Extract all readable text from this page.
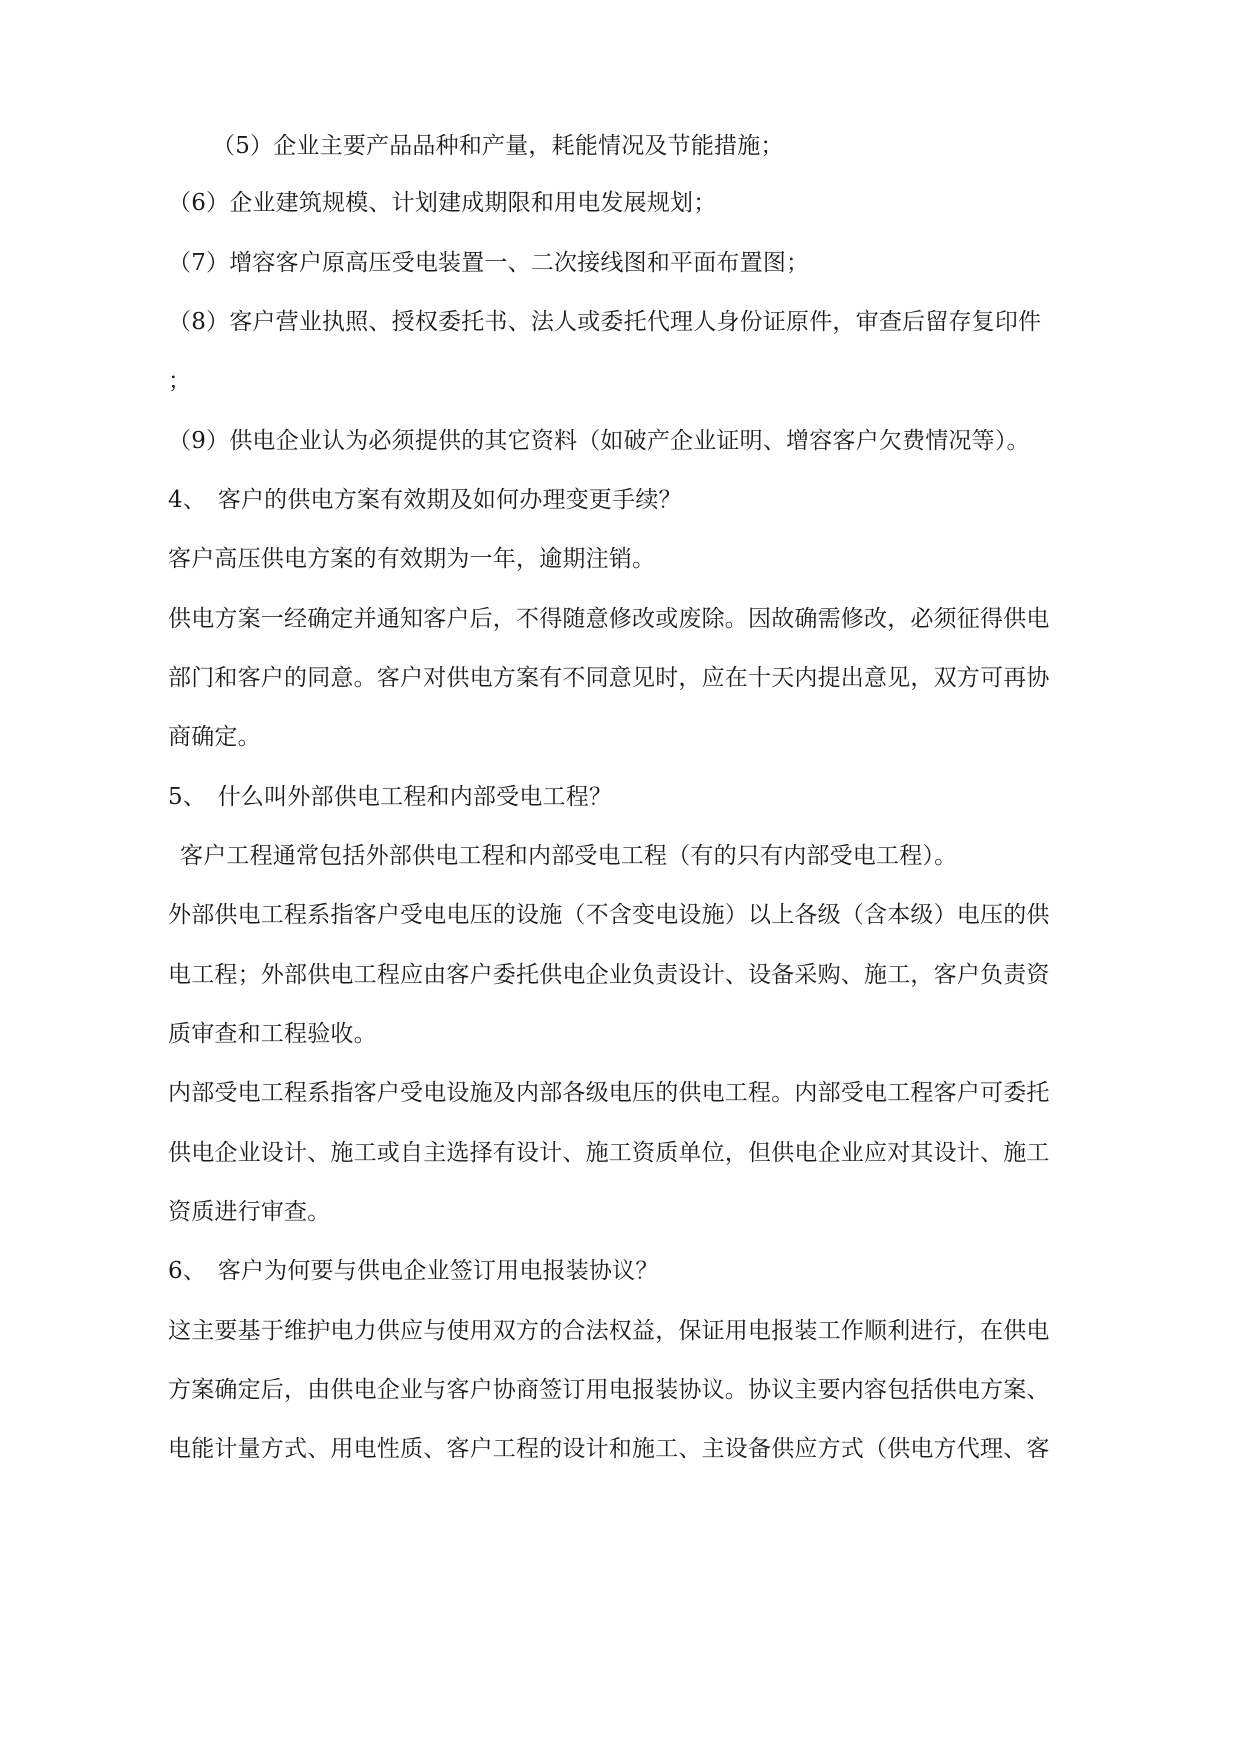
（5）企业主要产品品种和产量，耗能情况及节能措施；
（6）企业建筑规模、计划建成期限和用电发展规划；
（7）增容客户原高压受电装置一、二次接线图和平面布置图；
（8）客户营业执照、授权委托书、法人或委托代理人身份证原件，审查后留存复印件
；
（9）供电企业认为必须提供的其它资料（如破产企业证明、增容客户欠费情况等）。
4、　客户的供电方案有效期及如何办理变更手续？
客户高压供电方案的有效期为一年，逾期注销。
供电方案一经确定并通知客户后，不得随意修改或废除。因故确需修改，必须征得供电
部门和客户的同意。客户对供电方案有不同意见时，应在十天内提出意见，双方可再协
商确定。
5、　什么叫外部供电工程和内部受电工程？
客户工程通常包括外部供电工程和内部受电工程（有的只有内部受电工程）。
外部供电工程系指客户受电电压的设施（不含变电设施）以上各级（含本级）电压的供
电工程；外部供电工程应由客户委托供电企业负责设计、设备采购、施工，客户负责资
质审查和工程验收。
内部受电工程系指客户受电设施及内部各级电压的供电工程。内部受电工程客户可委托
供电企业设计、施工或自主选择有设计、施工资质单位，但供电企业应对其设计、施工
资质进行审查。
6、　客户为何要与供电企业签订用电报装协议？
这主要基于维护电力供应与使用双方的合法权益，保证用电报装工作顺利进行，在供电
方案确定后，由供电企业与客户协商签订用电报装协议。协议主要内容包括供电方案、
电能计量方式、用电性质、客户工程的设计和施工、主设备供应方式（供电方代理、客
